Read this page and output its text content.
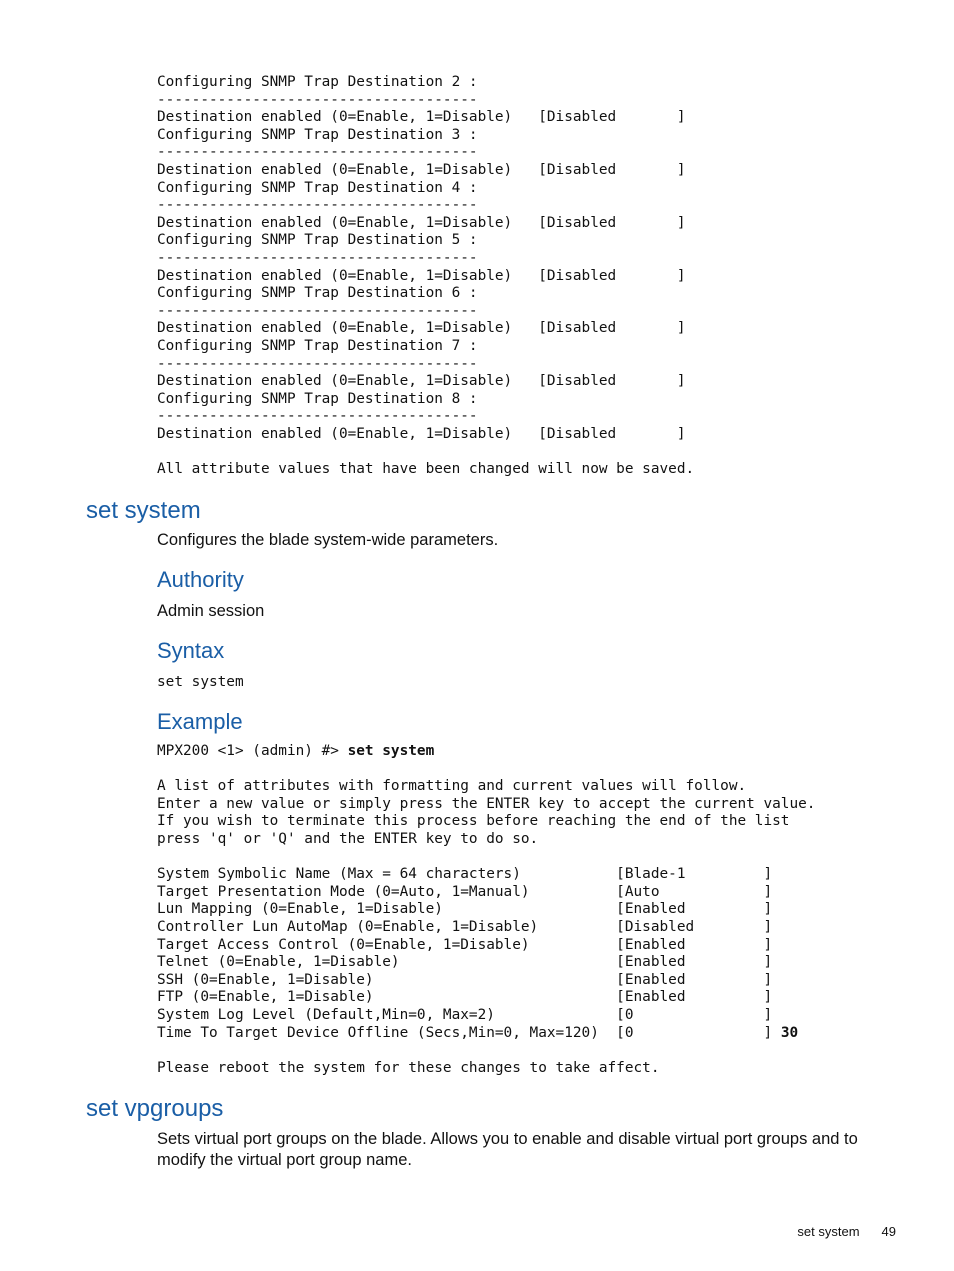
Configuring SNMP Trap Destination 2 :
-------------------------------------
Destination enabled (0=Enable, 1=Disable)   [Disabled       ]
Configuring SNMP Trap Destination 3 :
-------------------------------------
Destination enabled (0=Enable, 1=Disable)   [Disabled       ]
Configuring SNMP Trap Destination 4 :
-------------------------------------
Destination enabled (0=Enable, 1=Disable)   [Disabled       ]
Configuring SNMP Trap Destination 5 :
-------------------------------------
Destination enabled (0=Enable, 1=Disable)   [Disabled       ]
Configuring SNMP Trap Destination 6 :
-------------------------------------
Destination enabled (0=Enable, 1=Disable)   [Disabled       ]
Configuring SNMP Trap Destination 7 :
-------------------------------------
Destination enabled (0=Enable, 1=Disable)   [Disabled       ]
Configuring SNMP Trap Destination 8 :
-------------------------------------
Destination enabled (0=Enable, 1=Disable)   [Disabled       ]

All attribute values that have been changed will now be saved.
set system

Configures the blade system-wide parameters.

Authority

Admin session

Syntax
set system
Example
MPX200 <1> (admin) #> set system

A list of attributes with formatting and current values will follow.
Enter a new value or simply press the ENTER key to accept the current value.
If you wish to terminate this process before reaching the end of the list
press 'q' or 'Q' and the ENTER key to do so.

System Symbolic Name (Max = 64 characters)           [Blade-1         ]
Target Presentation Mode (0=Auto, 1=Manual)          [Auto            ]
Lun Mapping (0=Enable, 1=Disable)                    [Enabled         ]
Controller Lun AutoMap (0=Enable, 1=Disable)         [Disabled        ]
Target Access Control (0=Enable, 1=Disable)          [Enabled         ]
Telnet (0=Enable, 1=Disable)                         [Enabled         ]
SSH (0=Enable, 1=Disable)                            [Enabled         ]
FTP (0=Enable, 1=Disable)                            [Enabled         ]
System Log Level (Default,Min=0, Max=2)              [0               ]
Time To Target Device Offline (Secs,Min=0, Max=120)  [0               ] 30

Please reboot the system for these changes to take affect.
set vpgroups

Sets virtual port groups on the blade. Allows you to enable and disable virtual port groups and to modify the virtual port group name.

set system 49
